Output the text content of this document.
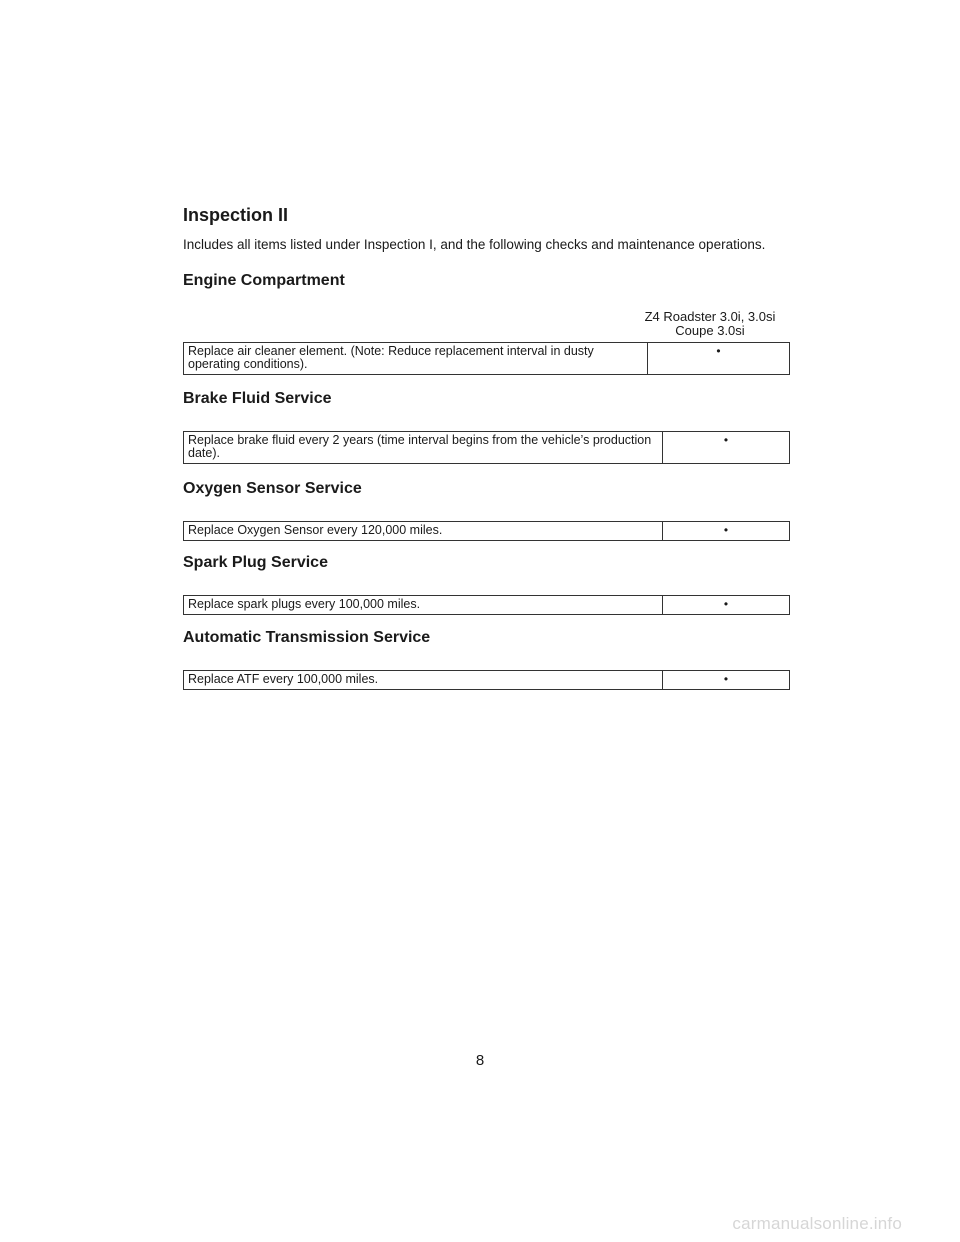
Inspection II

Includes all items listed under Inspection I, and the following checks and maintenance operations.

Engine Compartment
Z4 Roadster 3.0i, 3.0si
Coupe 3.0si
Replace air cleaner element. (Note: Reduce replacement interval in dusty operating conditions).	•
Brake Fluid Service
Replace brake fluid every 2 years (time interval begins from the vehicle’s production date).	•
Oxygen Sensor Service
Replace Oxygen Sensor every 120,000 miles.	•
Spark Plug Service
Replace spark plugs every 100,000 miles.	•
Automatic Transmission Service
Replace ATF every 100,000 miles.	•
8
carmanualsonline.info
